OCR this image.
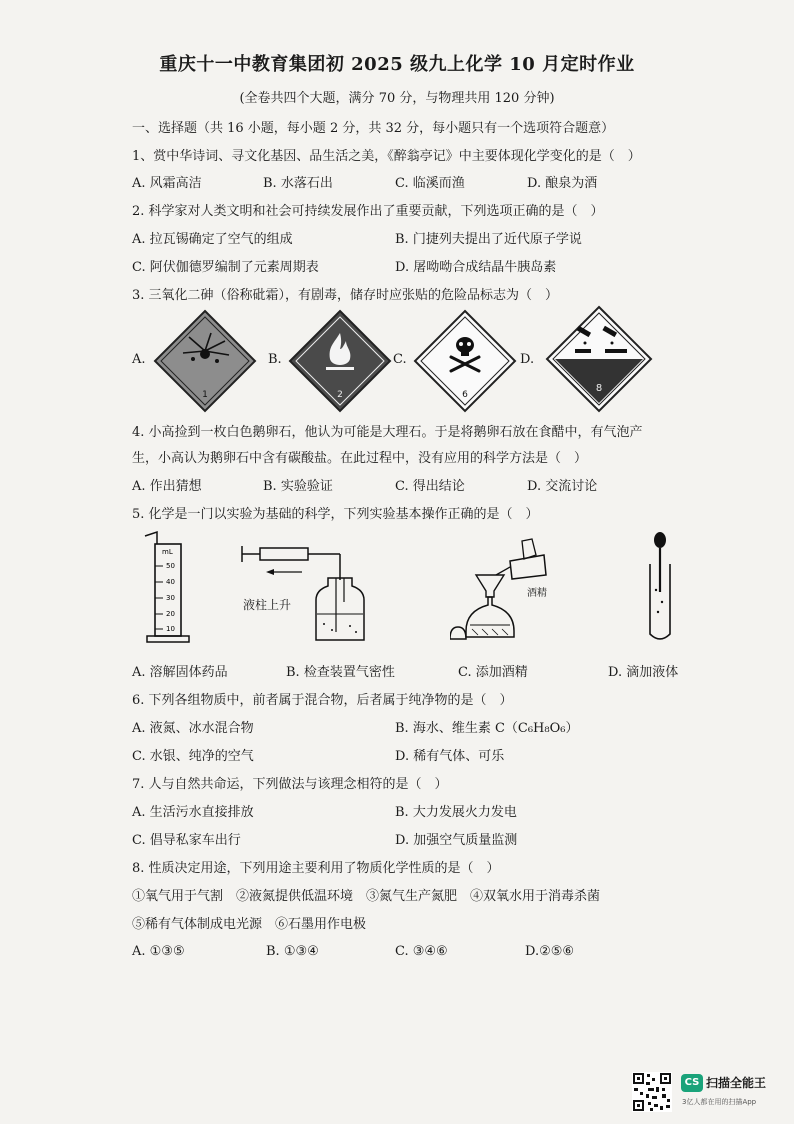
重庆十一中教育集团初 2025 级九上化学 10 月定时作业
(全卷共四个大题，满分 70 分，与物理共用 120 分钟)
一、选择题（共 16 小题，每小题 2 分，共 32 分，每小题只有一个选项符合题意）
1、赏中华诗词、寻文化基因、品生活之美，《醉翁亭记》中主要体现化学变化的是（　）
A. 风霜高洁	B. 水落石出	C. 临溪而渔	D. 酿泉为酒
2. 科学家对人类文明和社会可持续发展作出了重要贡献，下列选项正确的是（　）
A. 拉瓦锡确定了空气的组成	B. 门捷列夫提出了近代原子学说
C. 阿伏伽德罗编制了元素周期表	D. 屠呦呦合成结晶牛胰岛素
3. 三氧化二砷（俗称砒霜），有剧毒，储存时应张贴的危险品标志为（　）
A.	B.	C.	D.
1	2	6
8
4. 小高捡到一枚白色鹅卵石，他认为可能是大理石。于是将鹅卵石放在食醋中，有气泡产
生，小高认为鹅卵石中含有碳酸盐。在此过程中，没有应用的科学方法是（　）
A. 作出猜想	B. 实验验证	C. 得出结论	D. 交流讨论
5. 化学是一门以实验为基础的科学，下列实验基本操作正确的是（　）
mL
50
40
30
20
10
液柱上升
酒精
A. 溶解固体药品	B. 检查装置气密性	C. 添加酒精	D. 滴加液体
6. 下列各组物质中，前者属于混合物，后者属于纯净物的是（　）
A. 液氮、冰水混合物	B. 海水、维生素 C（C₆H₈O₆）
C. 水银、纯净的空气	D. 稀有气体、可乐
7. 人与自然共命运，下列做法与该理念相符的是（　）
A. 生活污水直接排放	B. 大力发展火力发电
C. 倡导私家车出行	D. 加强空气质量监测
8. 性质决定用途，下列用途主要利用了物质化学性质的是（　）
①氧气用于气割　②液氮提供低温环境　③氮气生产氮肥　④双氧水用于消毒杀菌
⑤稀有气体制成电光源　⑥石墨用作电极
A. ①③⑤	B. ①③④	C. ③④⑥	D.②⑤⑥
CS 扫描全能王
3亿人都在用的扫描App
